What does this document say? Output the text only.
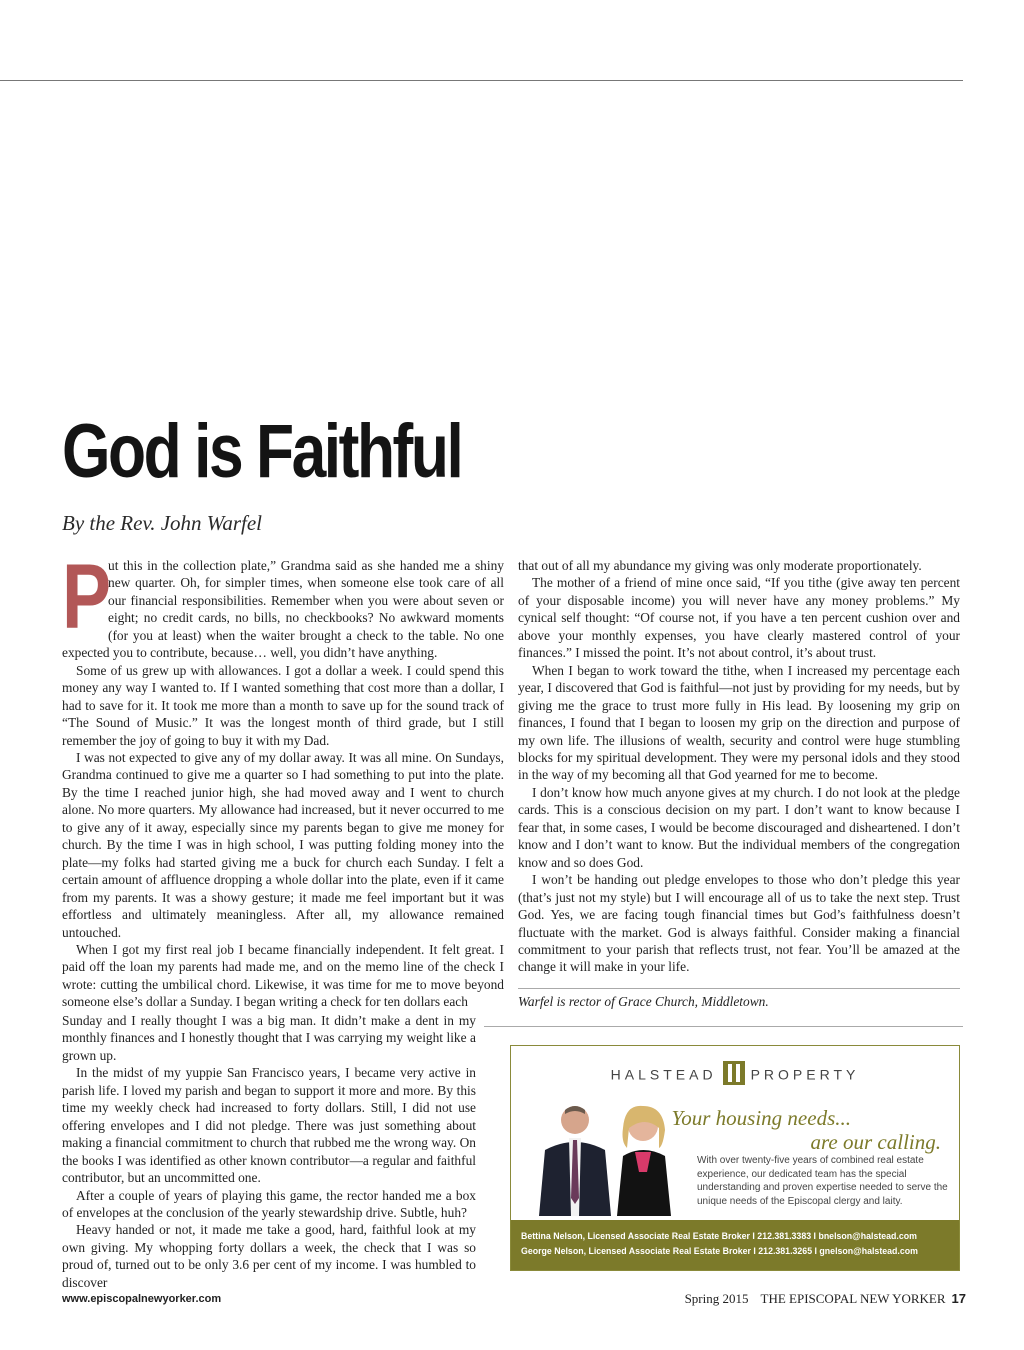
God is Faithful
By the Rev. John Warfel

P
ut this in the collection plate,” Grandma said as she handed me a shiny new quarter. Oh, for simpler times, when someone else took care of all our financial responsibilities. Remember when you were about seven or eight; no credit cards, no bills, no checkbooks? No awkward moments (for you at least) when the waiter brought a check to the table. No one expected you to contribute, because… well, you didn’t have anything.

Some of us grew up with allowances. I got a dollar a week. I could spend this money any way I wanted to. If I wanted something that cost more than a dollar, I had to save for it. It took me more than a month to save up for the sound track of “The Sound of Music.” It was the longest month of third grade, but I still remember the joy of going to buy it with my Dad.

I was not expected to give any of my dollar away. It was all mine. On Sundays, Grandma continued to give me a quarter so I had something to put into the plate. By the time I reached junior high, she had moved away and I went to church alone. No more quarters. My allowance had increased, but it never occurred to me to give any of it away, especially since my parents began to give me money for church. By the time I was in high school, I was putting folding money into the plate—my folks had started giving me a buck for church each Sunday. I felt a certain amount of affluence dropping a whole dollar into the plate, even if it came from my parents. It was a showy gesture; it made me feel important but it was effortless and ultimately meaningless. After all, my allowance remained untouched.

When I got my first real job I became financially independent. It felt great. I paid off the loan my parents had made me, and on the memo line of the check I wrote: cutting the umbilical chord. Likewise, it was time for me to move beyond someone else’s dollar a Sunday. I began writing a check for ten dollars each

Sunday and I really thought I was a big man. It didn’t make a dent in my monthly finances and I honestly thought that I was carrying my weight like a grown up.

In the midst of my yuppie San Francisco years, I became very active in parish life. I loved my parish and began to support it more and more. By this time my weekly check had increased to forty dollars. Still, I did not use offering envelopes and I did not pledge. There was just something about making a financial commitment to church that rubbed me the wrong way. On the books I was identified as other known contributor—a regular and faithful contributor, but an uncommitted one.

After a couple of years of playing this game, the rector handed me a box of envelopes at the conclusion of the yearly stewardship drive. Subtle, huh?

Heavy handed or not, it made me take a good, hard, faithful look at my own giving. My whopping forty dollars a week, the check that I was so proud of, turned out to be only 3.6 per cent of my income. I was humbled to discover

that out of all my abundance my giving was only moderate proportionately.

The mother of a friend of mine once said, “If you tithe (give away ten percent of your disposable income) you will never have any money problems.” My cynical self thought: “Of course not, if you have a ten percent cushion over and above your monthly expenses, you have clearly mastered control of your finances.” I missed the point. It’s not about control, it’s about trust.

When I began to work toward the tithe, when I increased my percentage each year, I discovered that God is faithful—not just by providing for my needs, but by giving me the grace to trust more fully in His lead. By loosening my grip on finances, I found that I began to loosen my grip on the direction and purpose of my own life. The illusions of wealth, security and control were huge stumbling blocks for my spiritual development. They were my personal idols and they stood in the way of my becoming all that God yearned for me to become.

I don’t know how much anyone gives at my church. I do not look at the pledge cards. This is a conscious decision on my part. I don’t want to know because I fear that, in some cases, I would be become discouraged and disheartened. I don’t know and I don’t want to know. But the individual members of the congregation know and so does God.

I won’t be handing out pledge envelopes to those who don’t pledge this year (that’s just not my style) but I will encourage all of us to take the next step. Trust God. Yes, we are facing tough financial times but God’s faithfulness doesn’t fluctuate with the market. God is always faithful. Consider making a financial commitment to your parish that reflects trust, not fear. You’ll be amazed at the change it will make in your life.

Warfel is rector of Grace Church, Middletown.
HALSTEAD PROPERTY
Your housing needs...
are our calling.
With over twenty-five years of combined real estate experience, our dedicated team has the special understanding and proven expertise needed to serve the unique needs of the Episcopal clergy and laity.
Bettina Nelson, Licensed Associate Real Estate Broker I 212.381.3383 I bnelson@halstead.com
George Nelson, Licensed Associate Real Estate Broker I 212.381.3265 I gnelson@halstead.com
www.episcopalnewyorker.com	Spring 2015 THE EPISCOPAL NEW YORKER 17
